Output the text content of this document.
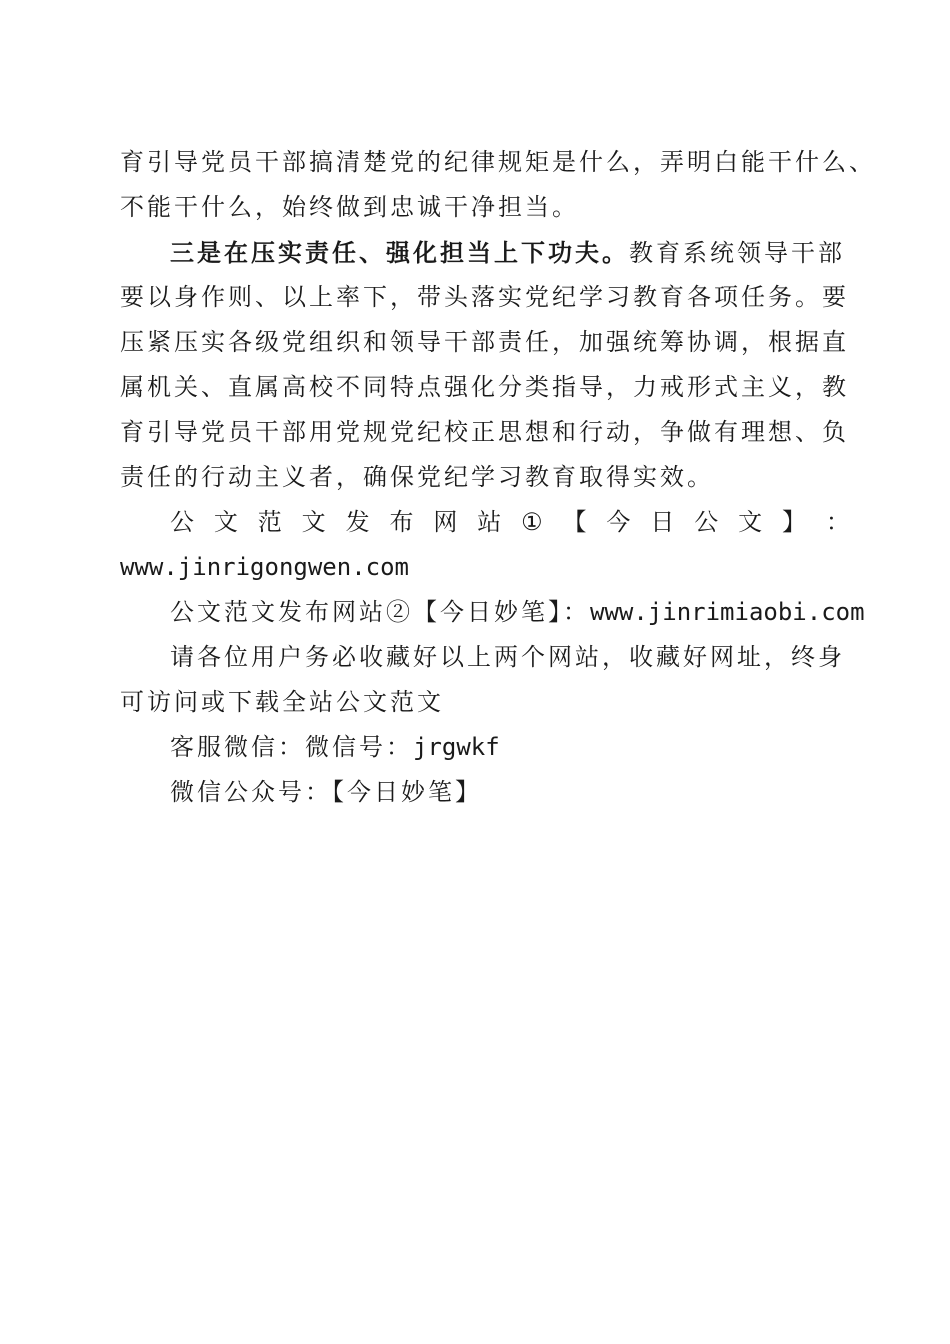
育引导党员干部搞清楚党的纪律规矩是什么，弄明白能干什么、
不能干什么，始终做到忠诚干净担当。
三是在压实责任、强化担当上下功夫。教育系统领导干部
要以身作则、以上率下，带头落实党纪学习教育各项任务。要
压紧压实各级党组织和领导干部责任，加强统筹协调，根据直
属机关、直属高校不同特点强化分类指导，力戒形式主义，教
育引导党员干部用党规党纪校正思想和行动，争做有理想、负
责任的行动主义者，确保党纪学习教育取得实效。
公 文 范 文 发 布 网 站 ① 【 今 日 公 文 】 ：
www.jinrigongwen.com
公文范文发布网站②【今日妙笔】：www.jinrimiaobi.com
请各位用户务必收藏好以上两个网站，收藏好网址，终身
可访问或下载全站公文范文
客服微信：微信号：jrgwkf
微信公众号：【今日妙笔】
